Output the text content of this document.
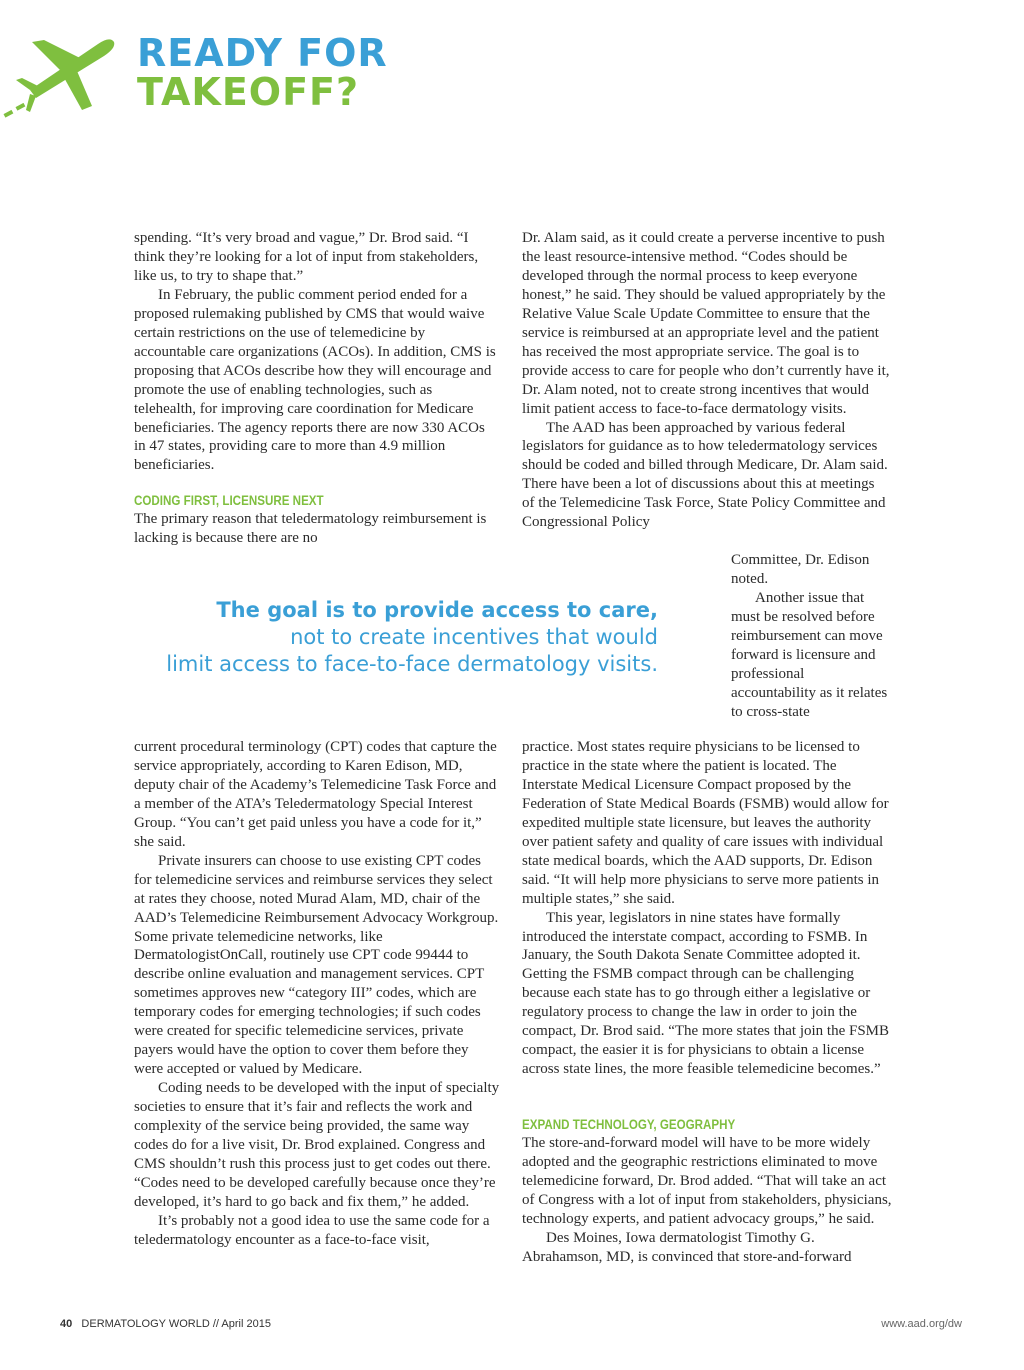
READY FOR
TAKEOFF?

spending. “It’s very broad and vague,” Dr. Brod said. “I think they’re looking for a lot of input from stakeholders, like us, to try to shape that.”

In February, the public comment period ended for a proposed rulemaking published by CMS that would waive certain restrictions on the use of telemedicine by accountable care organizations (ACOs). In addition, CMS is proposing that ACOs describe how they will encourage and promote the use of enabling technologies, such as telehealth, for improving care coordination for Medicare beneficiaries. The agency reports there are now 330 ACOs in 47 states, providing care to more than 4.9 million beneficiaries.

CODING FIRST, LICENSURE NEXT

The primary reason that teledermatology reimbursement is lacking is because there are no

The goal is to provide access to care,
not to create incentives that would
limit access to face-to-face dermatology visits.

current procedural terminology (CPT) codes that capture the service appropriately, according to Karen Edison, MD, deputy chair of the Academy’s Telemedicine Task Force and a member of the ATA’s Teledermatology Special Interest Group. “You can’t get paid unless you have a code for it,” she said.

Private insurers can choose to use existing CPT codes for telemedicine services and reimburse services they select at rates they choose, noted Murad Alam, MD, chair of the AAD’s Telemedicine Reimbursement Advocacy Workgroup. Some private telemedicine networks, like DermatologistOnCall, routinely use CPT code 99444 to describe online evaluation and management services. CPT sometimes approves new “category III” codes, which are temporary codes for emerging technologies; if such codes were created for specific telemedicine services, private payers would have the option to cover them before they were accepted or valued by Medicare.

Coding needs to be developed with the input of specialty societies to ensure that it’s fair and reflects the work and complexity of the service being provided, the same way codes do for a live visit, Dr. Brod explained. Congress and CMS shouldn’t rush this process just to get codes out there. “Codes need to be developed carefully because once they’re developed, it’s hard to go back and fix them,” he added.

It’s probably not a good idea to use the same code for a teledermatology encounter as a face-to-face visit,

Dr. Alam said, as it could create a perverse incentive to push the least resource-intensive method. “Codes should be developed through the normal process to keep everyone honest,” he said. They should be valued appropriately by the Relative Value Scale Update Committee to ensure that the service is reimbursed at an appropriate level and the patient has received the most appropriate service. The goal is to provide access to care for people who don’t currently have it, Dr. Alam noted, not to create strong incentives that would limit patient access to face-to-face dermatology visits.

The AAD has been approached by various federal legislators for guidance as to how teledermatology services should be coded and billed through Medicare, Dr. Alam said. There have been a lot of discussions about this at meetings of the Telemedicine Task Force, State Policy Committee and Congressional Policy

Committee, Dr. Edison noted.

Another issue that must be resolved before reimbursement can move forward is licensure and professional accountability as it relates to cross-state

practice. Most states require physicians to be licensed to practice in the state where the patient is located. The Interstate Medical Licensure Compact proposed by the Federation of State Medical Boards (FSMB) would allow for expedited multiple state licensure, but leaves the authority over patient safety and quality of care issues with individual state medical boards, which the AAD supports, Dr. Edison said. “It will help more physicians to serve more patients in multiple states,” she said.

This year, legislators in nine states have formally introduced the interstate compact, according to FSMB. In January, the South Dakota Senate Committee adopted it. Getting the FSMB compact through can be challenging because each state has to go through either a legislative or regulatory process to change the law in order to join the compact, Dr. Brod said. “The more states that join the FSMB compact, the easier it is for physicians to obtain a license across state lines, the more feasible telemedicine becomes.”

EXPAND TECHNOLOGY, GEOGRAPHY

The store-and-forward model will have to be more widely adopted and the geographic restrictions eliminated to move telemedicine forward, Dr. Brod added. “That will take an act of Congress with a lot of input from stakeholders, physicians, technology experts, and patient advocacy groups,” he said.

Des Moines, Iowa dermatologist Timothy G. Abrahamson, MD, is convinced that store-and-forward

40 DERMATOLOGY WORLD // April 2015	www.aad.org/dw
